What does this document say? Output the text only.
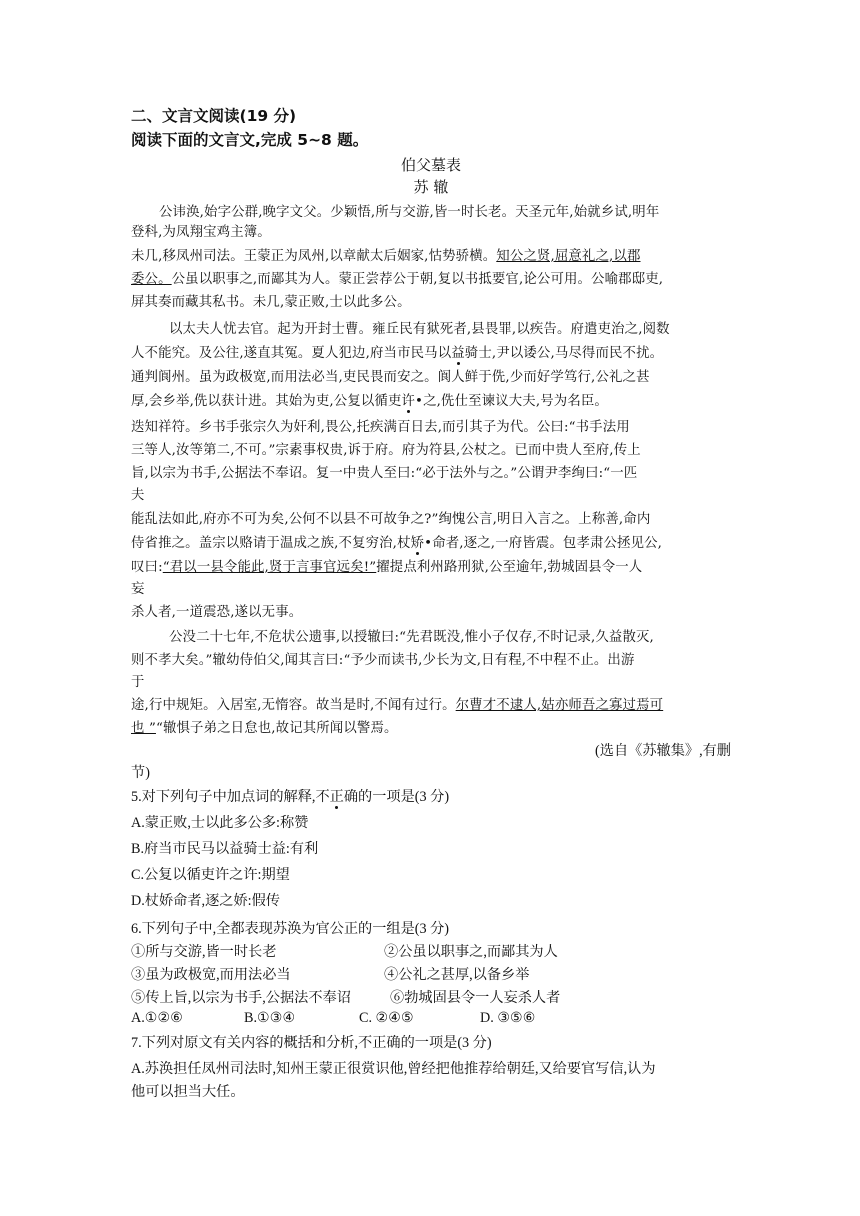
二、文言文阅读(19 分)
阅读下面的文言文,完成 5~8 题。
伯父墓表
苏 辙
公讳涣,始字公群,晚字文父。少颖悟,所与交游,皆一时长老。天圣元年,始就乡试,明年
登科,为凤翔宝鸡主簿。
未几,移凤州司法。王蒙正为凤州,以章献太后姻家,怙势骄横。知公之贤,屈意礼之,以郡
委公。公虽以职事之,而鄙其为人。蒙正尝荐公于朝,复以书抵要官,论公可用。公喻郡邸吏,
屏其奏而藏其私书。未几,蒙正败,士以此多公。
以太夫人忧去官。起为开封士曹。雍丘民有狱死者,县畏罪,以疾告。府遣吏治之,阅数
人不能究。及公往,遂直其冤。夏人犯边,府当市民马以益骑士,尹以诿公,马尽得而民不扰。
通判阆州。虽为政极宽,而用法必当,吏民畏而安之。阆人鲜于侁,少而好学笃行,公礼之甚
厚,会乡举,侁以获计进。其始为吏,公复以循吏许•之,侁仕至谏议大夫,号为名臣。
迭知祥符。乡书手张宗久为奸利,畏公,托疾满百日去,而引其子为代。公曰:“书手法用
三等人,汝等第二,不可。”宗素事权贵,诉于府。府为符县,公杖之。已而中贵人至府,传上
旨,以宗为书手,公据法不奉诏。复一中贵人至曰:“必于法外与之。”公谓尹李绚曰:“一匹
夫
能乱法如此,府亦不可为矣,公何不以县不可故争之?”绚愧公言,明日入言之。上称善,命内
侍省推之。盖宗以赂请于温成之族,不复穷治,杖矫•命者,逐之,一府皆震。包孝肃公拯见公,
叹曰:“君以一县令能此,贤于言事官远矣!”擢提点利州路刑狱,公至逾年,勃城固县令一人
妄
杀人者,一道震恐,遂以无事。
公没二十七年,不危状公遗事,以授辙曰:“先君既没,惟小子仅存,不时记录,久益散灭,
则不孝大矣。”辙幼侍伯父,闻其言曰:“予少而读书,少长为文,日有程,不中程不止。出游
于
途,行中规矩。入居室,无惰容。故当是时,不闻有过行。尔曹才不逮人,姑亦师吾之寡过焉可
也 ”“辙惧子弟之日怠也,故记其所闻以警焉。
(选自《苏辙集》,有删
节)
5.对下列句子中加点词的解释,不正确的一项是(3 分)
A.蒙正败,士以此多公多:称赞
B.府当市民马以益骑士益:有利
C.公复以循吏许之许:期望
D.杖娇命者,逐之娇:假传
6.下列句子中,全都表现苏涣为官公正的一组是(3 分)
①所与交游,皆一时长老	②公虽以职事之,而鄙其为人
③虽为政极宽,而用法必当	④公礼之甚厚,以备乡举
⑤传上旨,以宗为书手,公据法不奉诏	⑥勃城固县令一人妄杀人者
A.①②⑥	B.①③④	C. ②④⑤	D. ③⑤⑥
7.下列对原文有关内容的概括和分析,不正确的一项是(3 分)
A.苏涣担任凤州司法时,知州王蒙正很赏识他,曾经把他推荐给朝廷,又给要官写信,认为
他可以担当大任。
